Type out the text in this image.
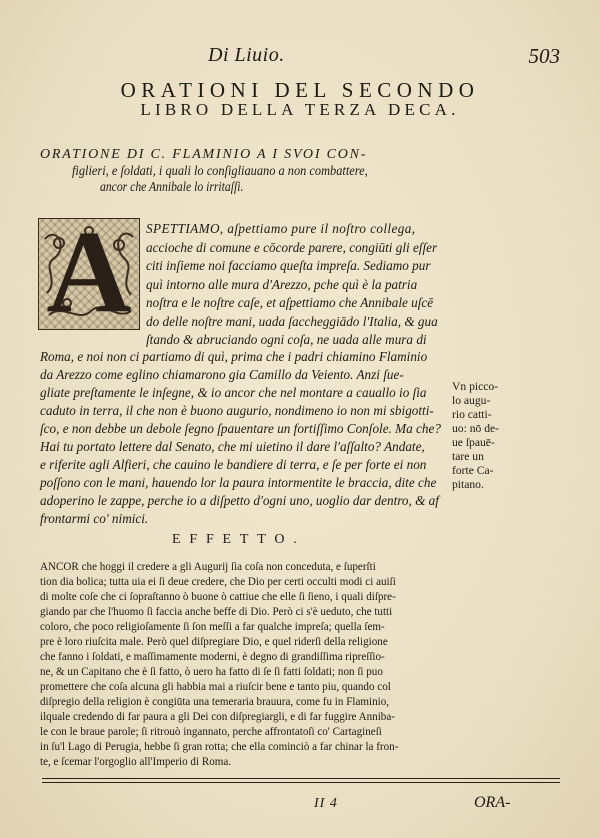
Di Liuio.	503
ORATIONI DEL SECONDO
LIBRO DELLA TERZA DECA.
ORATIONE DI C. FLAMINIO A I SVOI CON-
figlieri, e ſoldati, i quali lo conſigliauano a non combattere,
ancor che Annibale lo irritaſſi.
A	SPETTIAMO, aſpettiamo pure il noſtro collega,
accioche di comune e cōcorde parere, congiūti gli eſſer
citi inſieme noi facciamo queſta impreſa. Sediamo pur
quì intorno alle mura d'Arezzo, pche quì è la patria
noſtra e le noſtre caſe, et aſpettiamo che Annibale uſcē
do delle noſtre mani, uada ſaccheggiādo l'Italia, & gua
ſtando & abruciando ogni coſa, ne uada alle mura di
Roma, e noi non ci partiamo di quì, prima che i padri chiamino Flaminio
da Arezzo come eglino chiamarono gia Camillo da Veiento. Anzi ſue-
gliate preſtamente le inſegne, & io ancor che nel montare a cauallo io ſia
caduto in terra, il che non è buono augurio, nondimeno io non mi sbigotti-
ſco, e non debbe un debole ſegno ſpauentare un fortiſſimo Conſole. Ma che?
Hai tu portato lettere dal Senato, che mi uietino il dare l'aſſalto? Andate,
e riferite agli Alfieri, che cauino le bandiere di terra, e ſe per forte ei non
poſſono con le mani, hauendo lor la paura intormentite le braccia, dite che
adoperino le zappe, perche io a diſpetto d'ogni uno, uoglio dar dentro, & af
frontarmi co' nimici.
Vn picco-
lo augu-
rio catti-
uo: nō de-
ue ſpauē-
tare un
forte Ca-
pitano.
EFFETTO.
ANCOR che hoggi il credere a gli Augurij ſia coſa non conceduta, e ſuperſti
tion dia bolica; tutta uia ei ſi deue credere, che Dio per certi occulti modi ci auiſi
di molte coſe che ci ſopraſtanno ò buone ò cattiue che elle ſi ſieno, i quali diſpre-
giando par che l'huomo ſi faccia anche beffe di Dio. Però ci s'è ueduto, che tutti
coloro, che poco religioſamente ſi ſon meſſi a far qualche impreſa; quella ſem-
pre è loro riuſcita male. Però quel diſpregiare Dio, e quel riderſi della religione
che fanno i ſoldati, e maſſimamente moderni, è degno di grandiſſima ripreſſio-
ne, & un Capitano che è ſi fatto, ò uero ha fatto di ſe ſi fatti ſoldati; non ſi puo
promettere che coſa alcuna gli habbia mai a riuſcir bene e tanto piu, quando col
diſpregio della religion è congiūta una temeraria brauura, come fu in Flaminio,
ilquale credendo di far paura a gli Dei con diſpregiargli, e di far fuggire Anniba-
le con le braue parole; ſi ritrouò ingannato, perche affrontatoſi co' Cartagineſi
in ſu'l Lago di Perugia, hebbe ſi gran rotta; che ella cominciò a far chinar la fron-
te, e ſcemar l'orgoglio all'Imperio di Roma.
II 4	ORA-
